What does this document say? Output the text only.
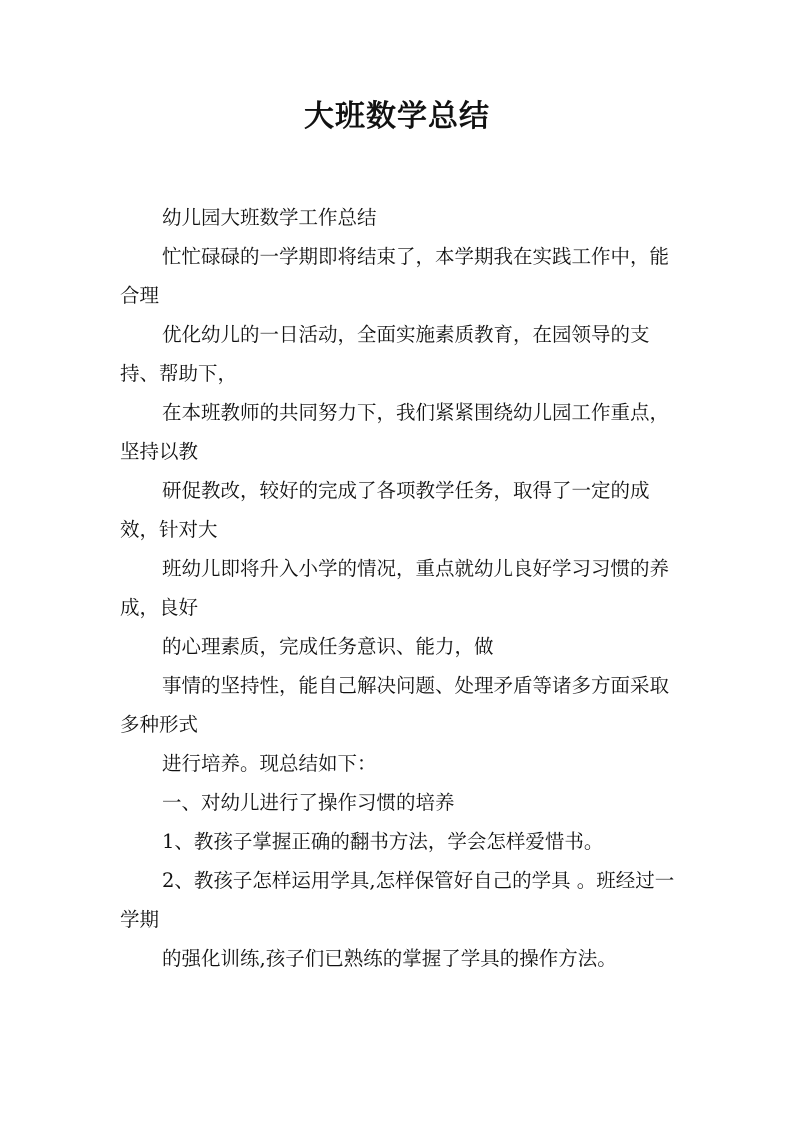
大班数学总结

幼儿园大班数学工作总结

忙忙碌碌的一学期即将结束了，本学期我在实践工作中，能合理

优化幼儿的一日活动，全面实施素质教育，在园领导的支持、帮助下，

在本班教师的共同努力下，我们紧紧围绕幼儿园工作重点，坚持以教

研促教改，较好的完成了各项教学任务，取得了一定的成效，针对大

班幼儿即将升入小学的情况，重点就幼儿良好学习习惯的养成，良好

的心理素质，完成任务意识、能力，做

事情的坚持性，能自己解决问题、处理矛盾等诸多方面采取多种形式

进行培养。现总结如下：

一、对幼儿进行了操作习惯的培养

1、教孩子掌握正确的翻书方法，学会怎样爱惜书。

2、教孩子怎样运用学具,怎样保管好自己的学具 。班经过一学期

的强化训练,孩子们已熟练的掌握了学具的操作方法。
